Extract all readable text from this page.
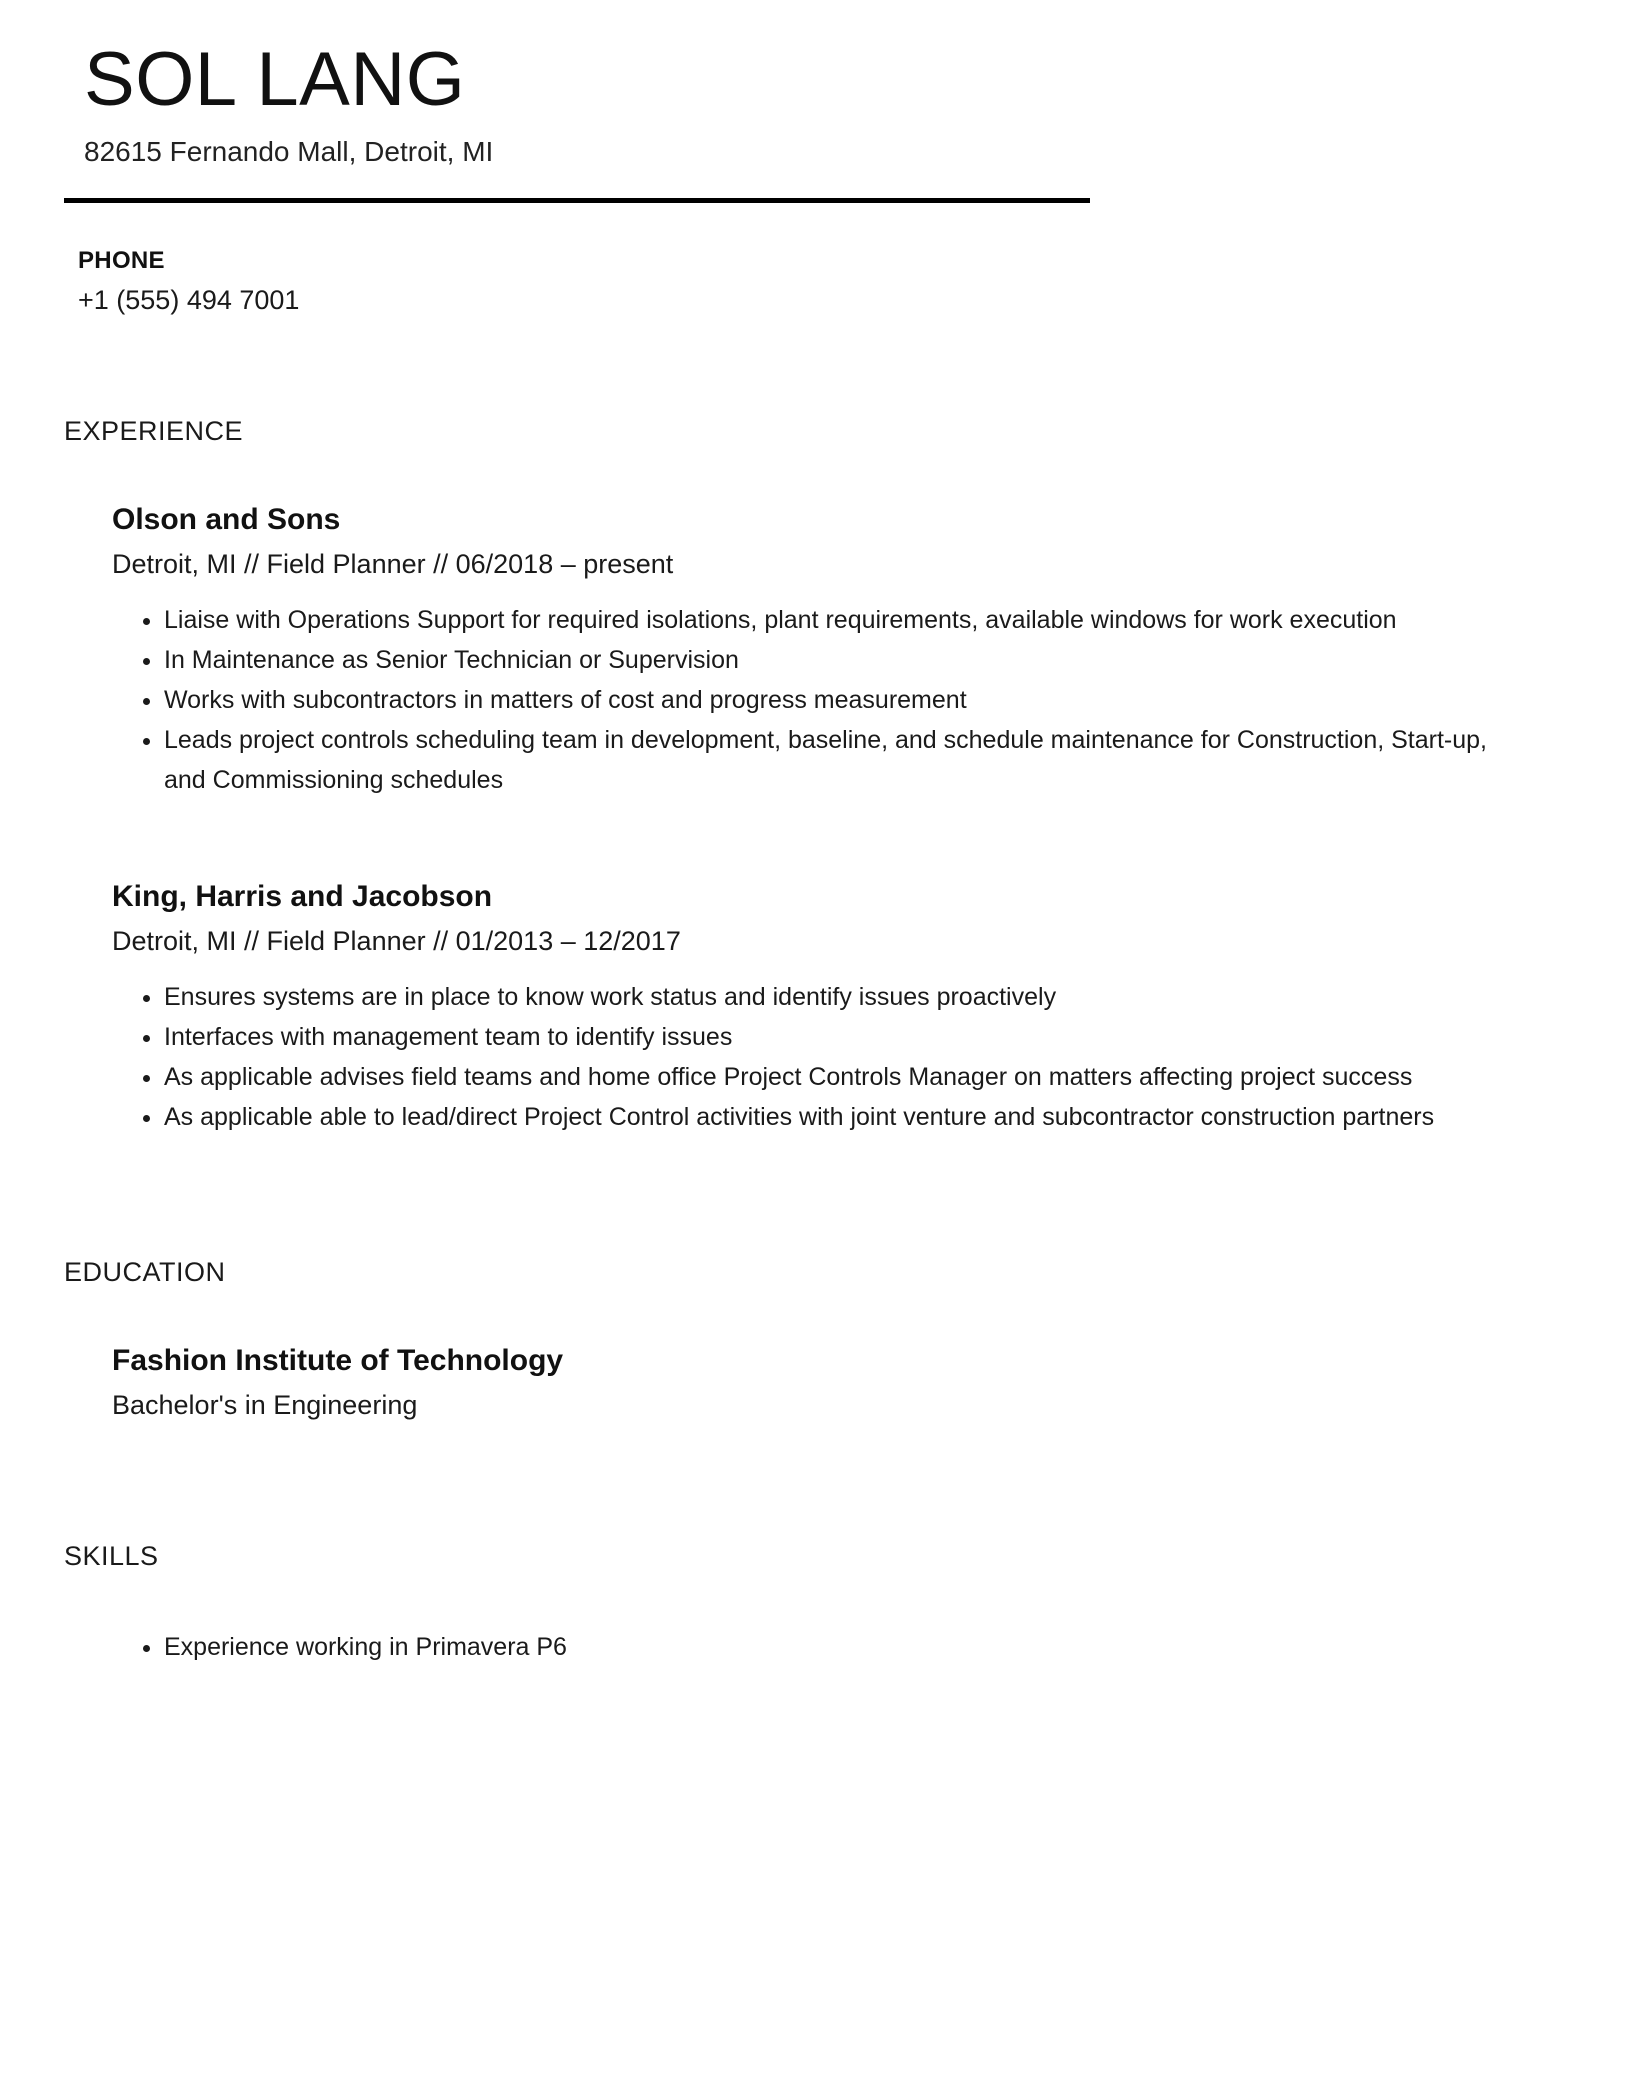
SOL LANG
82615 Fernando Mall, Detroit, MI
PHONE
+1 (555) 494 7001
EXPERIENCE
Olson and Sons
Detroit, MI // Field Planner // 06/2018 – present
• Liaise with Operations Support for required isolations, plant requirements, available windows for work execution
• In Maintenance as Senior Technician or Supervision
• Works with subcontractors in matters of cost and progress measurement
• Leads project controls scheduling team in development, baseline, and schedule maintenance for Construction, Start-up, and Commissioning schedules
King, Harris and Jacobson
Detroit, MI // Field Planner // 01/2013 – 12/2017
• Ensures systems are in place to know work status and identify issues proactively
• Interfaces with management team to identify issues
• As applicable advises field teams and home office Project Controls Manager on matters affecting project success
• As applicable able to lead/direct Project Control activities with joint venture and subcontractor construction partners
EDUCATION
Fashion Institute of Technology
Bachelor's in Engineering
SKILLS
• Experience working in Primavera P6
